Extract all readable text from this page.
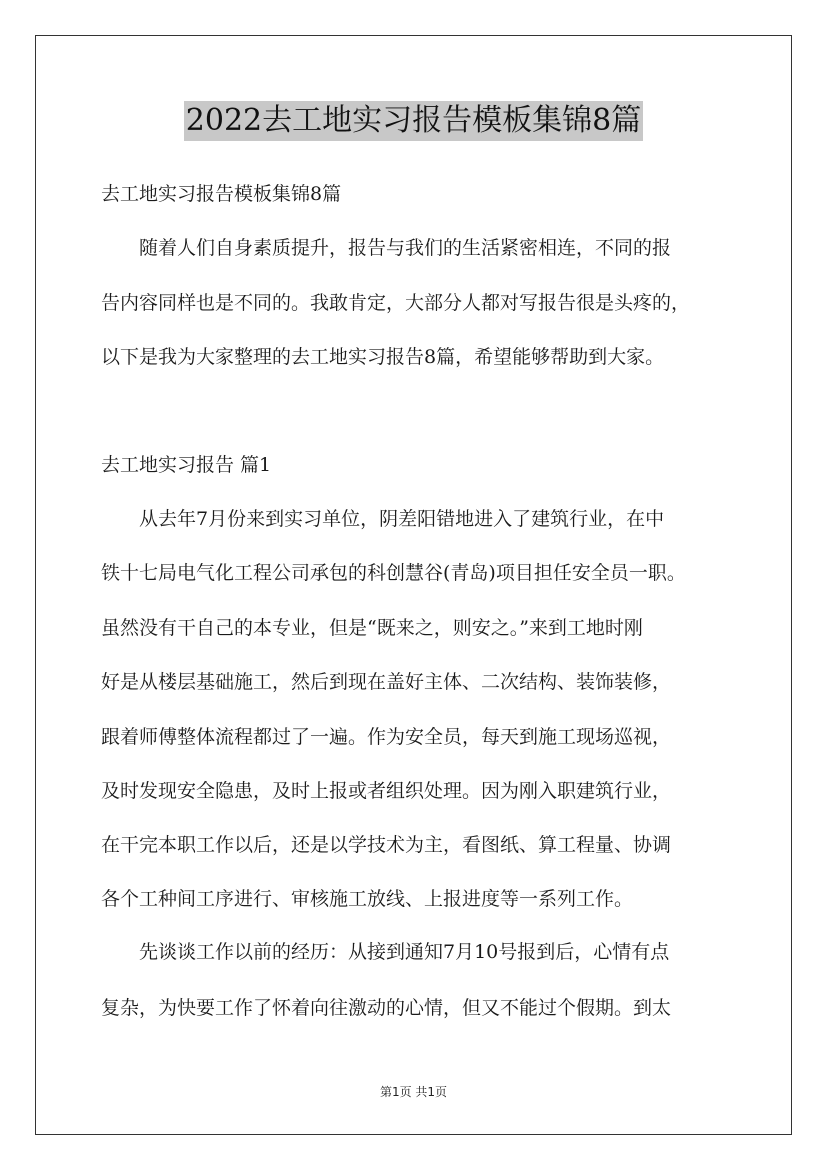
2022去工地实习报告模板集锦8篇
去工地实习报告模板集锦8篇
　　随着人们自身素质提升，报告与我们的生活紧密相连，不同的报
告内容同样也是不同的。我敢肯定，大部分人都对写报告很是头疼的，
以下是我为大家整理的去工地实习报告8篇，希望能够帮助到大家。
去工地实习报告 篇1
　　从去年7月份来到实习单位，阴差阳错地进入了建筑行业，在中
铁十七局电气化工程公司承包的科创慧谷(青岛)项目担任安全员一职。
虽然没有干自己的本专业，但是“既来之，则安之。”来到工地时刚
好是从楼层基础施工，然后到现在盖好主体、二次结构、装饰装修，
跟着师傅整体流程都过了一遍。作为安全员，每天到施工现场巡视，
及时发现安全隐患，及时上报或者组织处理。因为刚入职建筑行业，
在干完本职工作以后，还是以学技术为主，看图纸、算工程量、协调
各个工种间工序进行、审核施工放线、上报进度等一系列工作。
　　先谈谈工作以前的经历：从接到通知7月10号报到后，心情有点
复杂，为快要工作了怀着向往激动的心情，但又不能过个假期。到太
第1页 共1页
